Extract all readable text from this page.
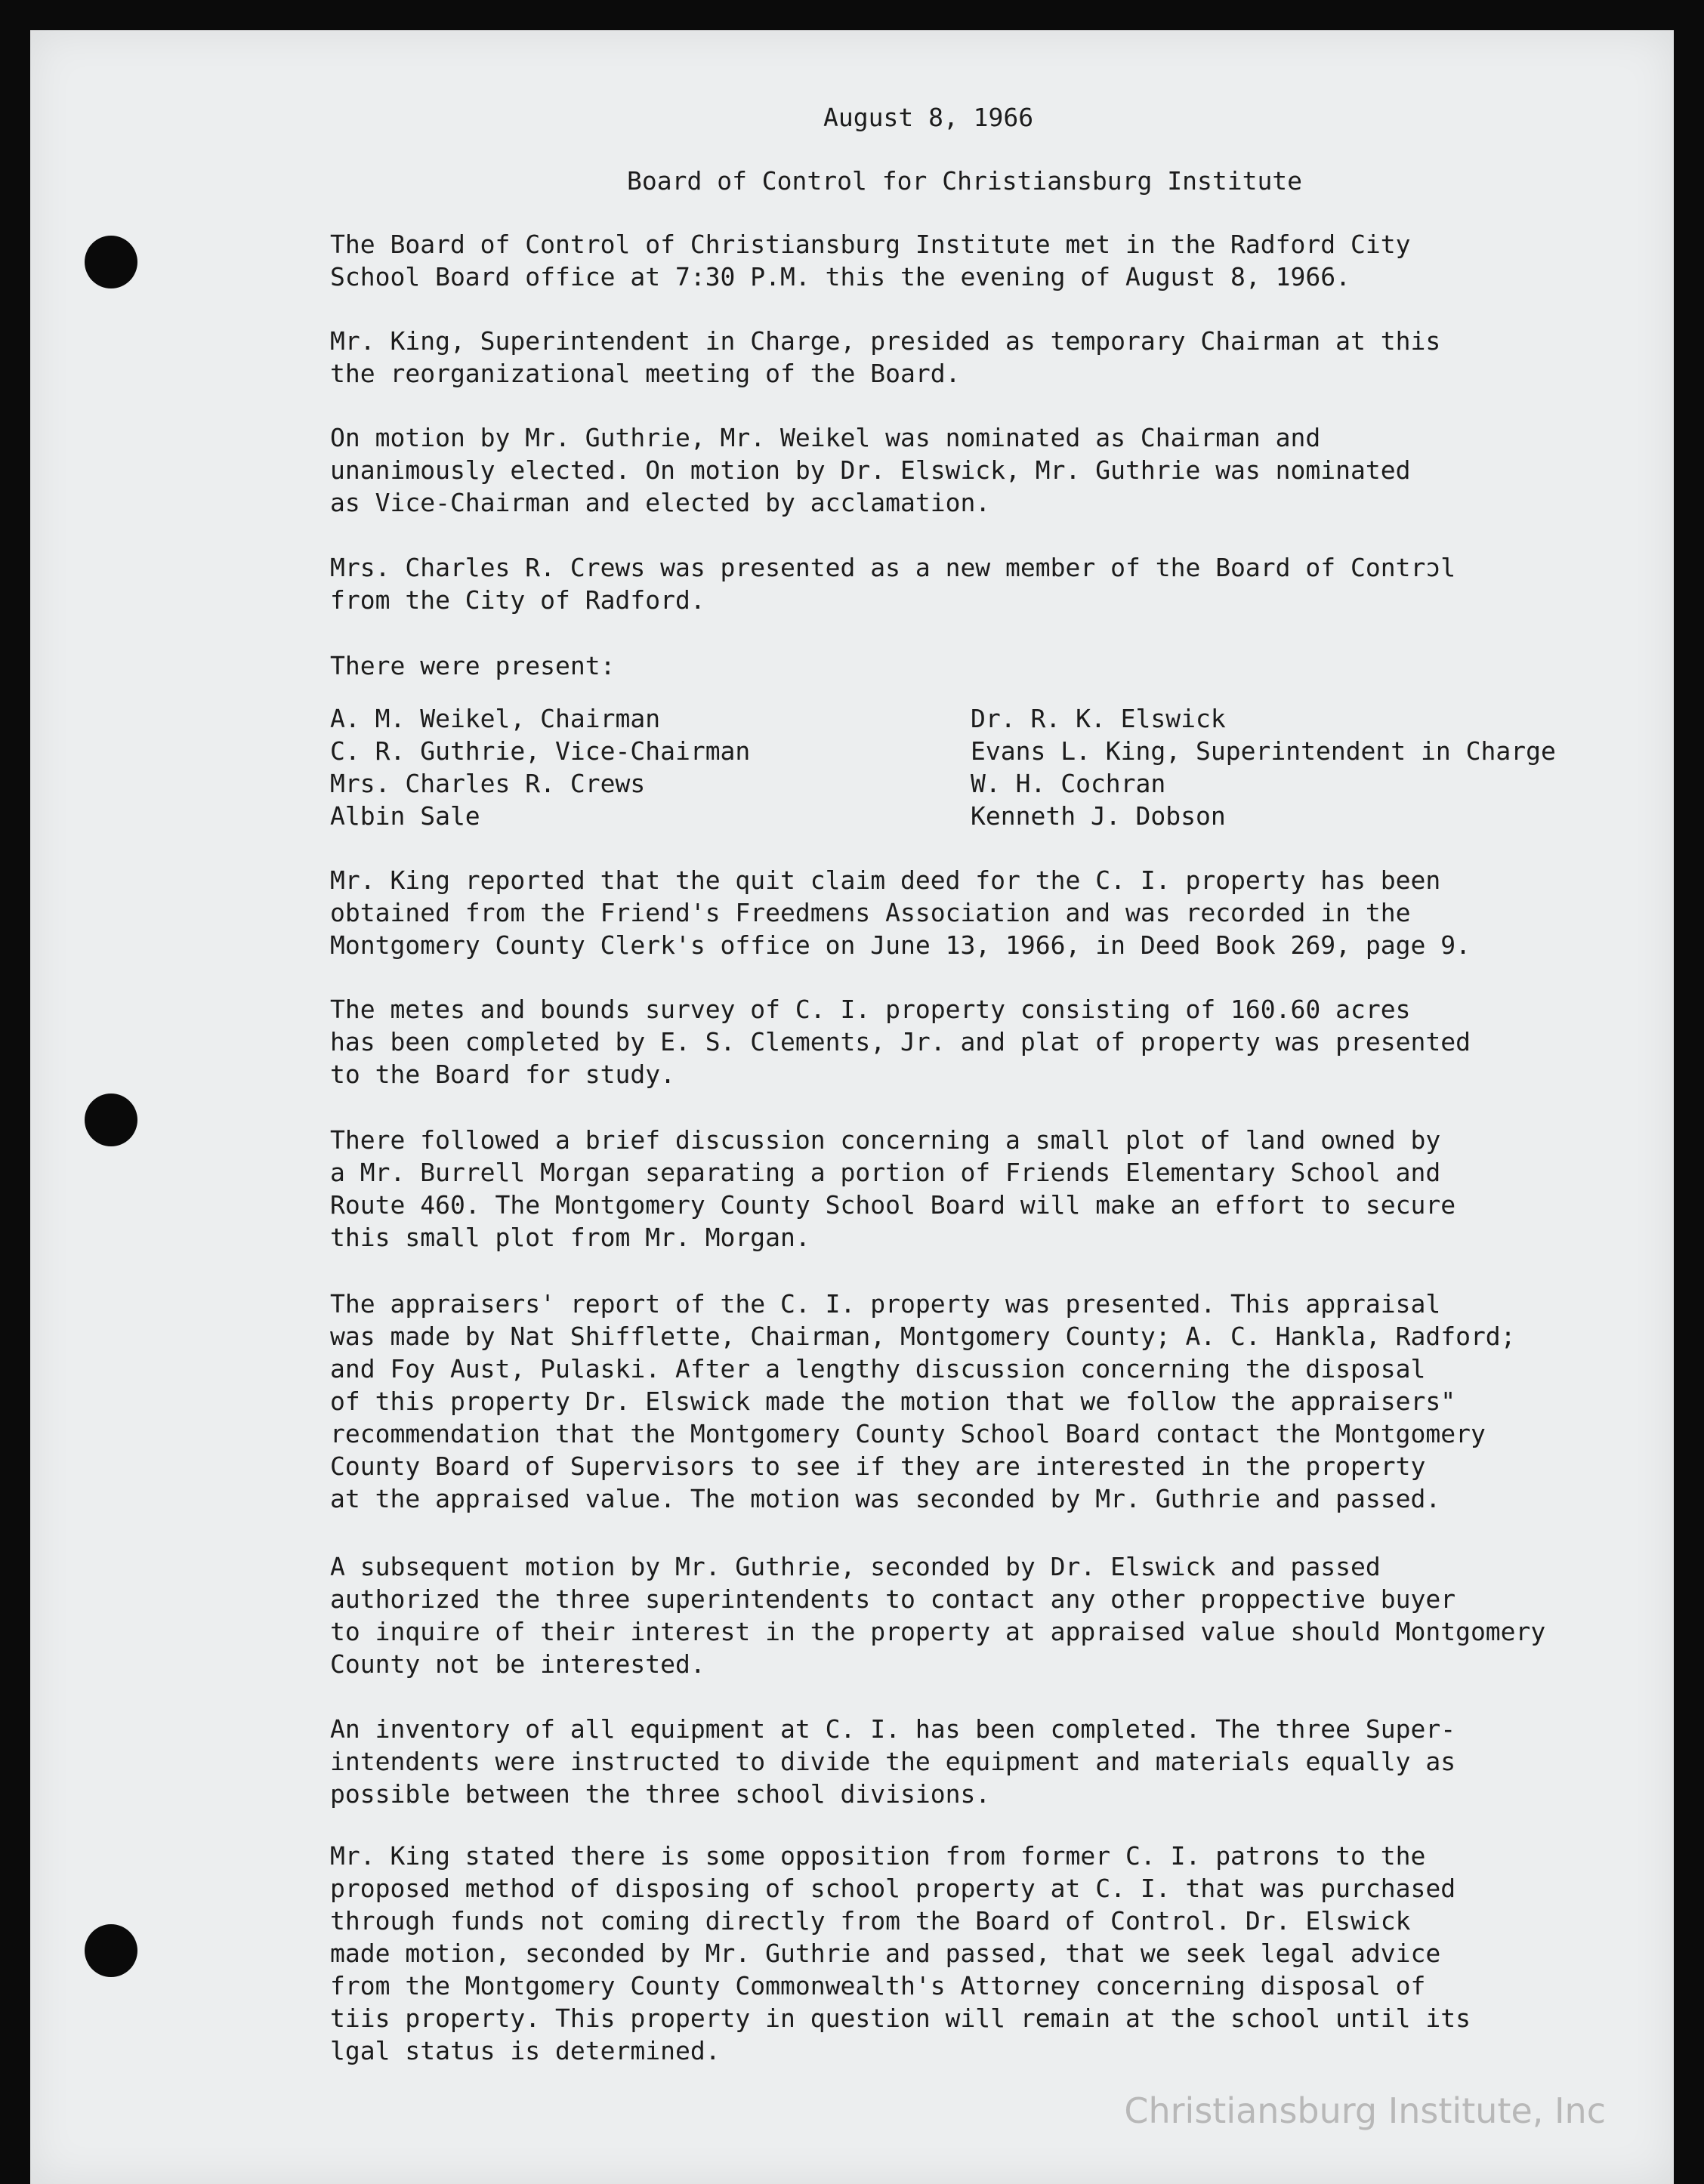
August 8, 1966
Board of Control for Christiansburg Institute

The Board of Control of Christiansburg Institute met in the Radford City
School Board office at 7:30 P.M. this the evening of August 8, 1966.

Mr. King, Superintendent in Charge, presided as temporary Chairman at this
the reorganizational meeting of the Board.

On motion by Mr. Guthrie, Mr. Weikel was nominated as Chairman and
unanimously elected. On motion by Dr. Elswick, Mr. Guthrie was nominated
as Vice-Chairman and elected by acclamation.

Mrs. Charles R. Crews was presented as a new member of the Board of Contrɔl
from the City of Radford.

There were present:
A. M. Weikel, Chairman
C. R. Guthrie, Vice-Chairman
Mrs. Charles R. Crews
Albin Sale
Dr. R. K. Elswick
Evans L. King, Superintendent in Charge
W. H. Cochran
Kenneth J. Dobson

Mr. King reported that the quit claim deed for the C. I. property has been
obtained from the Friend's Freedmens Association and was recorded in the
Montgomery County Clerk's office on June 13, 1966, in Deed Book 269, page 9.

The metes and bounds survey of C. I. property consisting of 160.60 acres
has been completed by E. S. Clements, Jr. and plat of property was presented
to the Board for study.

There followed a brief discussion concerning a small plot of land owned by
a Mr. Burrell Morgan separating a portion of Friends Elementary School and
Route 460. The Montgomery County School Board will make an effort to secure
this small plot from Mr. Morgan.

The appraisers' report of the C. I. property was presented. This appraisal
was made by Nat Shifflette, Chairman, Montgomery County; A. C. Hankla, Radford;
and Foy Aust, Pulaski. After a lengthy discussion concerning the disposal
of this property Dr. Elswick made the motion that we follow the appraisers"
recommendation that the Montgomery County School Board contact the Montgomery
County Board of Supervisors to see if they are interested in the property
at the appraised value. The motion was seconded by Mr. Guthrie and passed.

A subsequent motion by Mr. Guthrie, seconded by Dr. Elswick and passed
authorized the three superintendents to contact any other proppective buyer
to inquire of their interest in the property at appraised value should Montgomery
County not be interested.

An inventory of all equipment at C. I. has been completed. The three Super-
intendents were instructed to divide the equipment and materials equally as
possible between the three school divisions.

Mr. King stated there is some opposition from former C. I. patrons to the
proposed method of disposing of school property at C. I. that was purchased
through funds not coming directly from the Board of Control. Dr. Elswick
made motion, seconded by Mr. Guthrie and passed, that we seek legal advice
from the Montgomery County Commonwealth's Attorney concerning disposal of
tiis property. This property in question will remain at the school until its
lgal status is determined.

Christiansburg Institute, Inc
